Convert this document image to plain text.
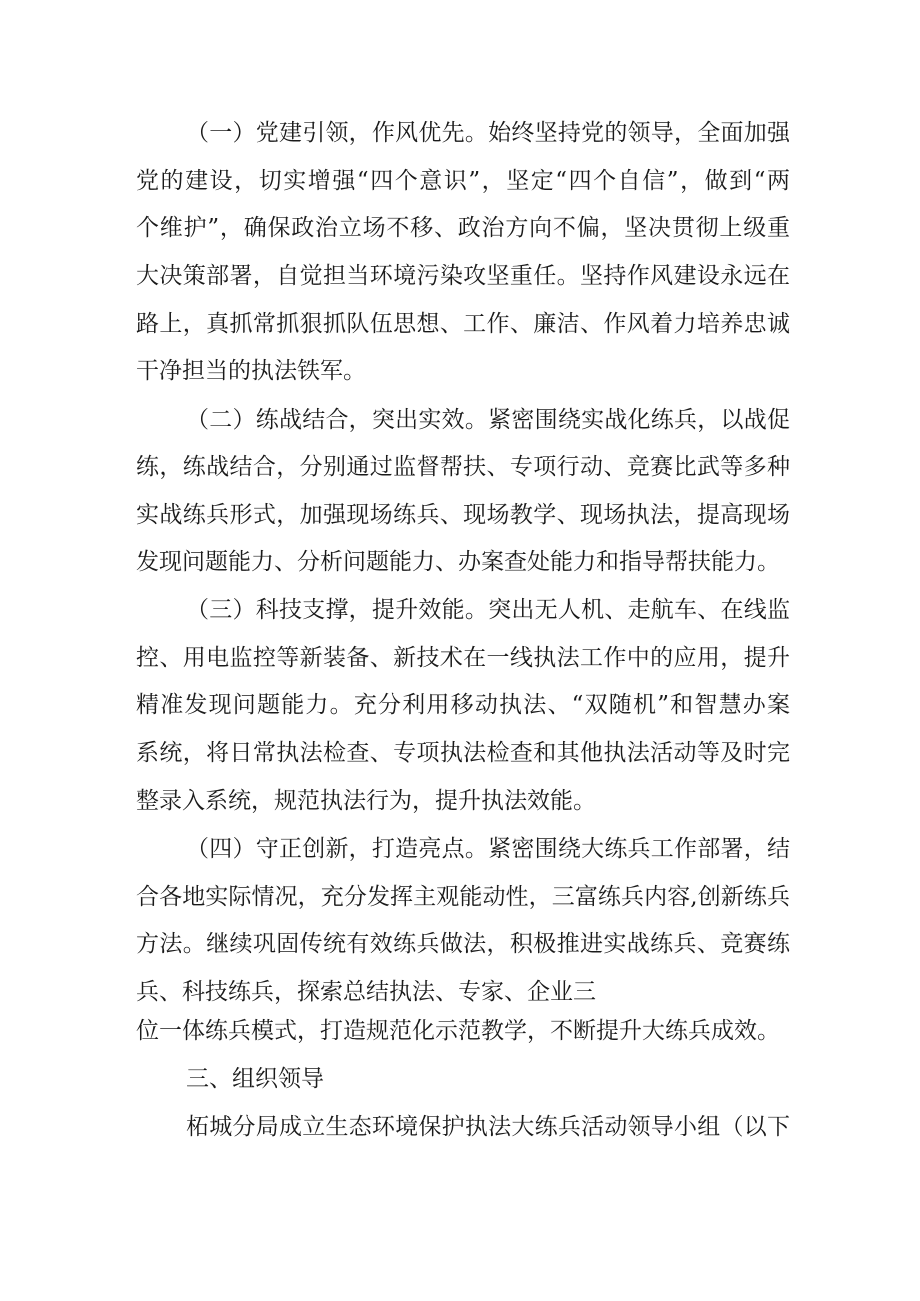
（一）党建引领，作风优先。始终坚持党的领导，全面加强
党的建设，切实增强“四个意识”，坚定“四个自信”，做到“两
个维护”，确保政治立场不移、政治方向不偏，坚决贯彻上级重
大决策部署，自觉担当环境污染攻坚重任。坚持作风建设永远在
路上，真抓常抓狠抓队伍思想、工作、廉洁、作风着力培养忠诚
干净担当的执法铁军。
（二）练战结合，突出实效。紧密围绕实战化练兵，以战促
练，练战结合，分别通过监督帮扶、专项行动、竞赛比武等多种
实战练兵形式，加强现场练兵、现场教学、现场执法，提高现场
发现问题能力、分析问题能力、办案查处能力和指导帮扶能力。
（三）科技支撑，提升效能。突出无人机、走航车、在线监
控、用电监控等新装备、新技术在一线执法工作中的应用，提升
精准发现问题能力。充分利用移动执法、“双随机”和智慧办案
系统，将日常执法检查、专项执法检查和其他执法活动等及时完
整录入系统，规范执法行为，提升执法效能。
（四）守正创新，打造亮点。紧密围绕大练兵工作部署，结
合各地实际情况，充分发挥主观能动性，三富练兵内容,创新练兵
方法。继续巩固传统有效练兵做法，积极推进实战练兵、竞赛练
兵、科技练兵，探索总结执法、专家、企业三
位一体练兵模式，打造规范化示范教学，不断提升大练兵成效。
三、组织领导
柘城分局成立生态环境保护执法大练兵活动领导小组（以下
